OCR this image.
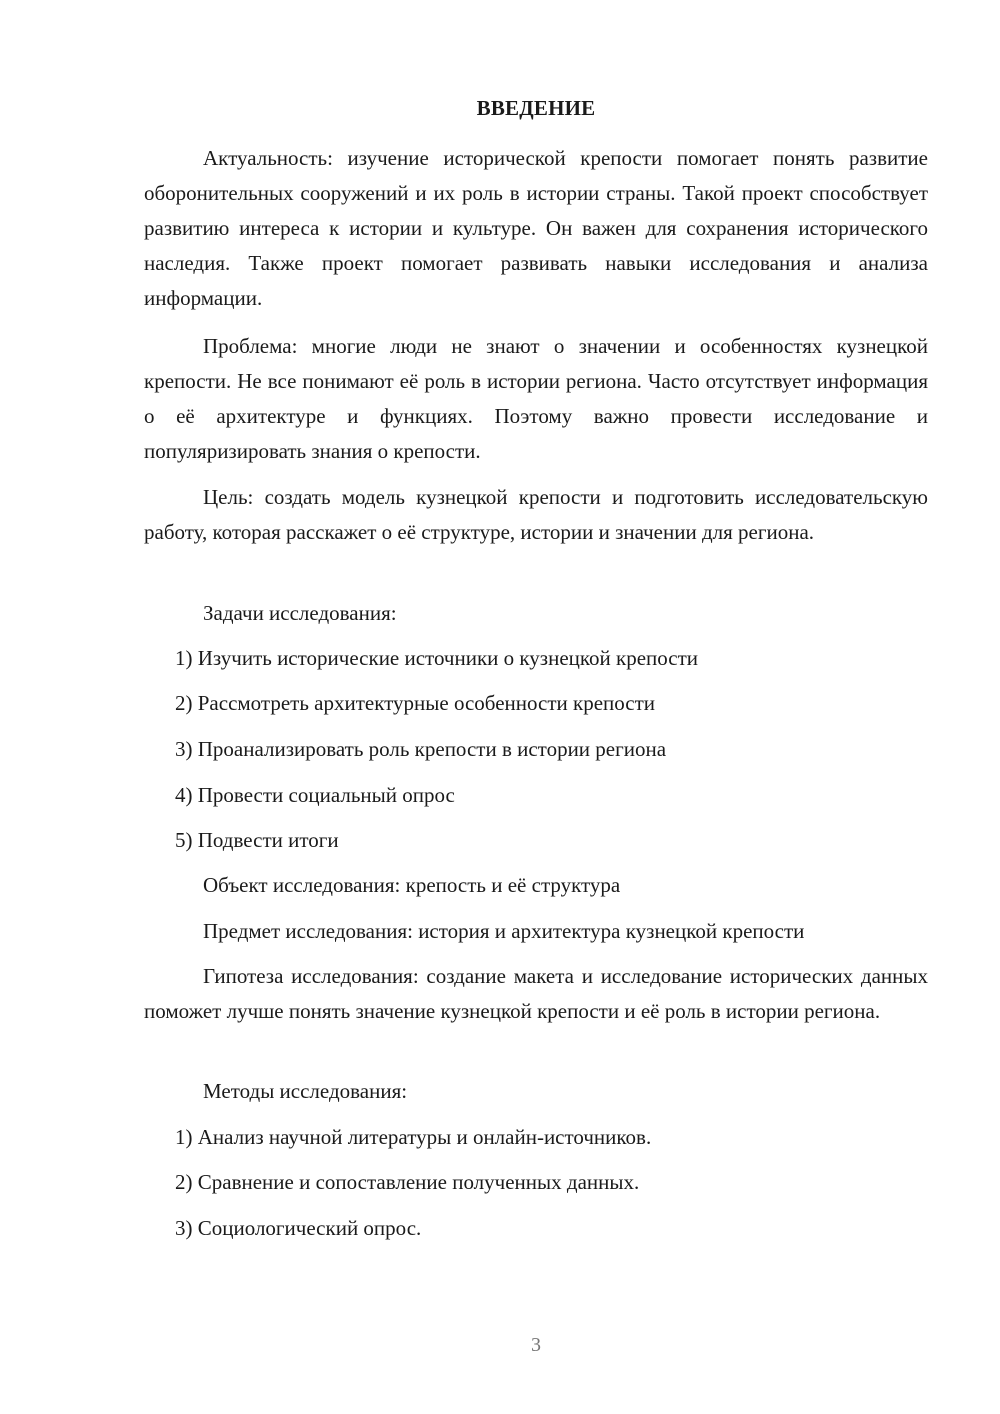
ВВЕДЕНИЕ

Актуальность: изучение исторической крепости помогает понять развитие оборонительных сооружений и их роль в истории страны. Такой проект способствует развитию интереса к истории и культуре. Он важен для сохранения исторического наследия. Также проект помогает развивать навыки исследования и анализа информации.

Проблема: многие люди не знают о значении и особенностях кузнецкой крепости. Не все понимают её роль в истории региона. Часто отсутствует информация о её архитектуре и функциях. Поэтому важно провести исследование и популяризировать знания о крепости.

Цель: создать модель кузнецкой крепости и подготовить исследовательскую работу, которая расскажет о её структуре, истории и значении для региона.

Задачи исследования:
1) Изучить исторические источники о кузнецкой крепости
2) Рассмотреть архитектурные особенности крепости
3) Проанализировать роль крепости в истории региона
4) Провести социальный опрос
5) Подвести итоги
Объект исследования: крепость и её структура
Предмет исследования: история и архитектура кузнецкой крепости

Гипотеза исследования: создание макета и исследование исторических данных поможет лучше понять значение кузнецкой крепости и её роль в истории региона.

Методы исследования:
1) Анализ научной литературы и онлайн-источников.
2) Сравнение и сопоставление полученных данных.
3) Социологический опрос.
3
